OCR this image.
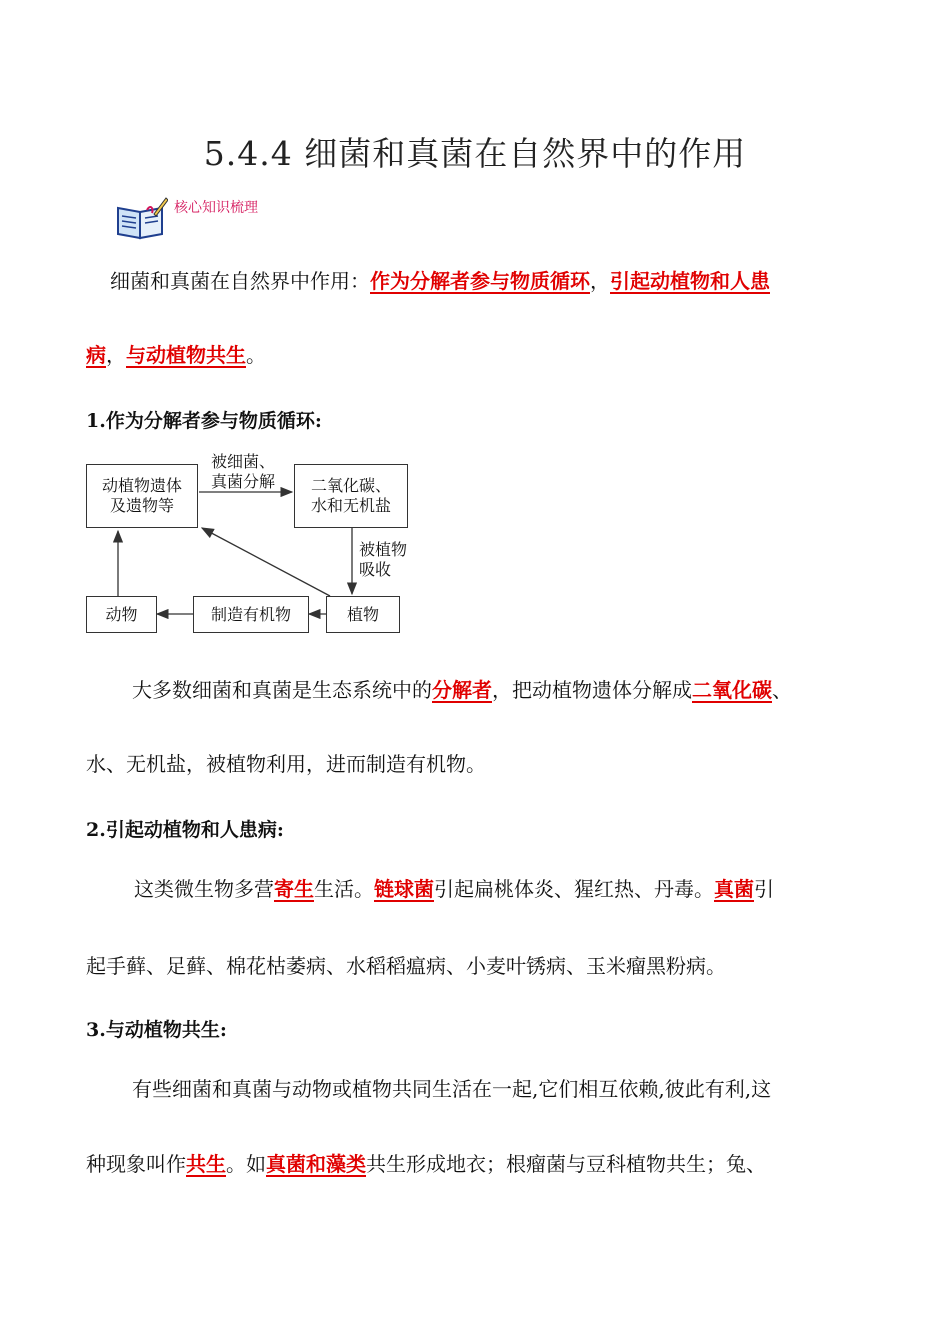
5.4.4 细菌和真菌在自然界中的作用
核心知识梳理
细菌和真菌在自然界中作用：作为分解者参与物质循环，引起动植物和人患
病，与动植物共生。
1.作为分解者参与物质循环:
动植物遗体
及遗物等
被细菌、
真菌分解 二氧化碳、
水和无机盐
被植物
吸收
植物
制造有机物
动物
大多数细菌和真菌是生态系统中的分解者，把动植物遗体分解成二氧化碳、
水、无机盐，被植物利用，进而制造有机物。
2.引起动植物和人患病:
这类微生物多营寄生生活。链球菌引起扁桃体炎、猩红热、丹毒。真菌引
起手藓、足藓、棉花枯萎病、水稻稻瘟病、小麦叶锈病、玉米瘤黑粉病。
3.与动植物共生:
有些细菌和真菌与动物或植物共同生活在一起,它们相互依赖,彼此有利,这
种现象叫作共生。如真菌和藻类共生形成地衣；根瘤菌与豆科植物共生；兔、
